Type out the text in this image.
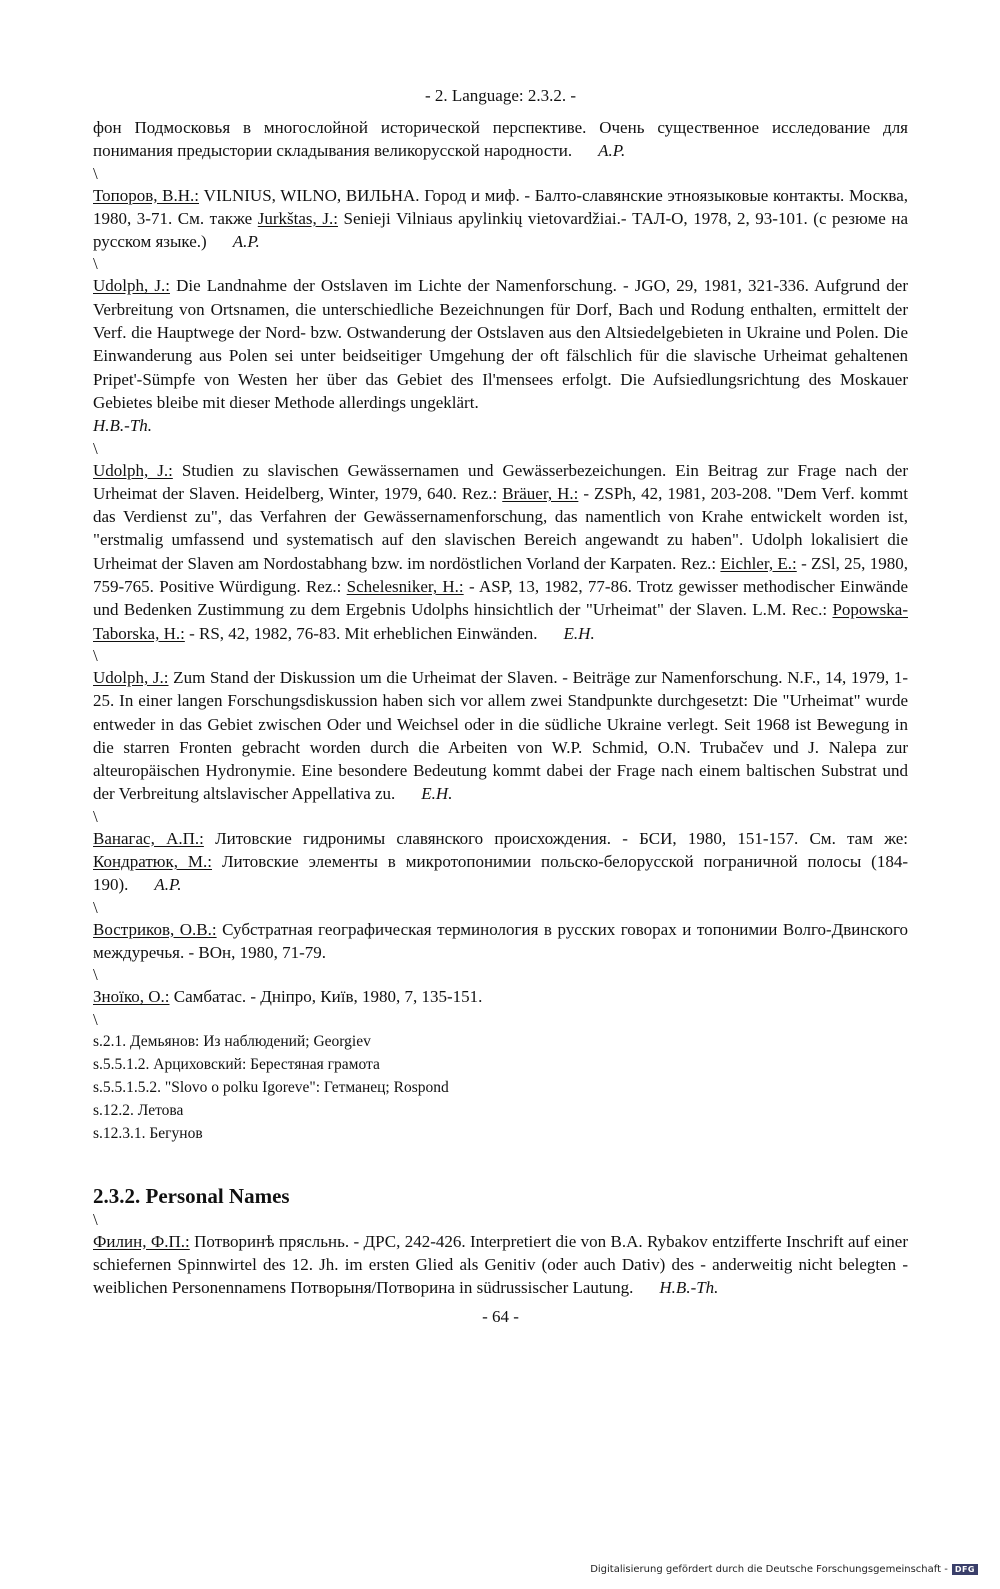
- 2. Language: 2.3.2. -

фон Подмосковья в многослойной исторической перспективе. Очень существенное исследование для понимания предыстории складывания великорусской народности. A.P.

\

Топоров, В.Н.: VILNIUS, WILNO, ВИЛЬНА. Город и миф. - Балто-славянские этноязыковые контакты. Москва, 1980, 3-71. См. также Jurkštas, J.: Senieji Vilniaus apylinkių vietovardžiai.- ТАЛ-О, 1978, 2, 93-101. (с резюме на русском языке.) A.P.

\

Udolph, J.: Die Landnahme der Ostslaven im Lichte der Namenforschung. - JGO, 29, 1981, 321-336. Aufgrund der Verbreitung von Ortsnamen, die unterschiedliche Bezeichnungen für Dorf, Bach und Rodung enthalten, ermittelt der Verf. die Hauptwege der Nord- bzw. Ostwanderung der Ostslaven aus den Altsiedelgebieten in Ukraine und Polen. Die Einwanderung aus Polen sei unter beidseitiger Umgehung der oft fälschlich für die slavische Urheimat gehaltenen Pripet'-Sümpfe von Westen her über das Gebiet des Il'mensees erfolgt. Die Aufsiedlungsrichtung des Moskauer Gebietes bleibe mit dieser Methode allerdings ungeklärt.
H.B.-Th.

\

Udolph, J.: Studien zu slavischen Gewässernamen und Gewässerbezeichungen. Ein Beitrag zur Frage nach der Urheimat der Slaven. Heidelberg, Winter, 1979, 640. Rez.: Bräuer, H.: - ZSPh, 42, 1981, 203-208. "Dem Verf. kommt das Verdienst zu", das Verfahren der Gewässernamenforschung, das namentlich von Krahe entwickelt worden ist, "erstmalig umfassend und systematisch auf den slavischen Bereich angewandt zu haben". Udolph lokalisiert die Urheimat der Slaven am Nordostabhang bzw. im nordöstlichen Vorland der Karpaten. Rez.: Eichler, E.: - ZSl, 25, 1980, 759-765. Positive Würdigung. Rez.: Schelesniker, H.: - ASP, 13, 1982, 77-86. Trotz gewisser methodischer Einwände und Bedenken Zustimmung zu dem Ergebnis Udolphs hinsichtlich der "Urheimat" der Slaven. L.M. Rec.: Popowska-Taborska, H.: - RS, 42, 1982, 76-83. Mit erheblichen Einwänden. E.H.

\

Udolph, J.: Zum Stand der Diskussion um die Urheimat der Slaven. - Beiträge zur Namenforschung. N.F., 14, 1979, 1-25. In einer langen Forschungsdiskussion haben sich vor allem zwei Standpunkte durchgesetzt: Die "Urheimat" wurde entweder in das Gebiet zwischen Oder und Weichsel oder in die südliche Ukraine verlegt. Seit 1968 ist Bewegung in die starren Fronten gebracht worden durch die Arbeiten von W.P. Schmid, O.N. Trubačev und J. Nalepa zur alteuropäischen Hydronymie. Eine besondere Bedeutung kommt dabei der Frage nach einem baltischen Substrat und der Verbreitung altslavischer Appellativa zu. E.H.

\

Ванагас, А.П.: Литовские гидронимы славянского происхождения. - БСИ, 1980, 151-157. См. там же: Кондратюк, М.: Литовские элементы в микротопонимии польско-белорусской пограничной полосы (184-190). A.P.

\

Востриков, О.В.: Субстратная географическая терминология в русских говорах и топонимии Волго-Двинского междуречья. - ВОн, 1980, 71-79.

\

Зноїко, О.: Самбатас. - Дніпро, Київ, 1980, 7, 135-151.

\
s.2.1. Демьянов: Из наблюдений; Georgiev
s.5.5.1.2. Арциховский: Берестяная грамота
s.5.5.1.5.2. "Slovo o polku Igoreve": Гетманец; Rospond
s.12.2. Летова
s.12.3.1. Бегунов
2.3.2. Personal Names
\

Филин, Ф.П.: Потворинѣ прясльнь. - ДРС, 242-426. Interpretiert die von B.A. Rybakov entzifferte Inschrift auf einer schiefernen Spinnwirtel des 12. Jh. im ersten Glied als Genitiv (oder auch Dativ) des - anderweitig nicht belegten - weiblichen Personennamens Потворыня/Потворина in südrussischer Lautung. H.B.-Th.

- 64 -
Digitalisierung gefördert durch die Deutsche Forschungsgemeinschaft - DFG
